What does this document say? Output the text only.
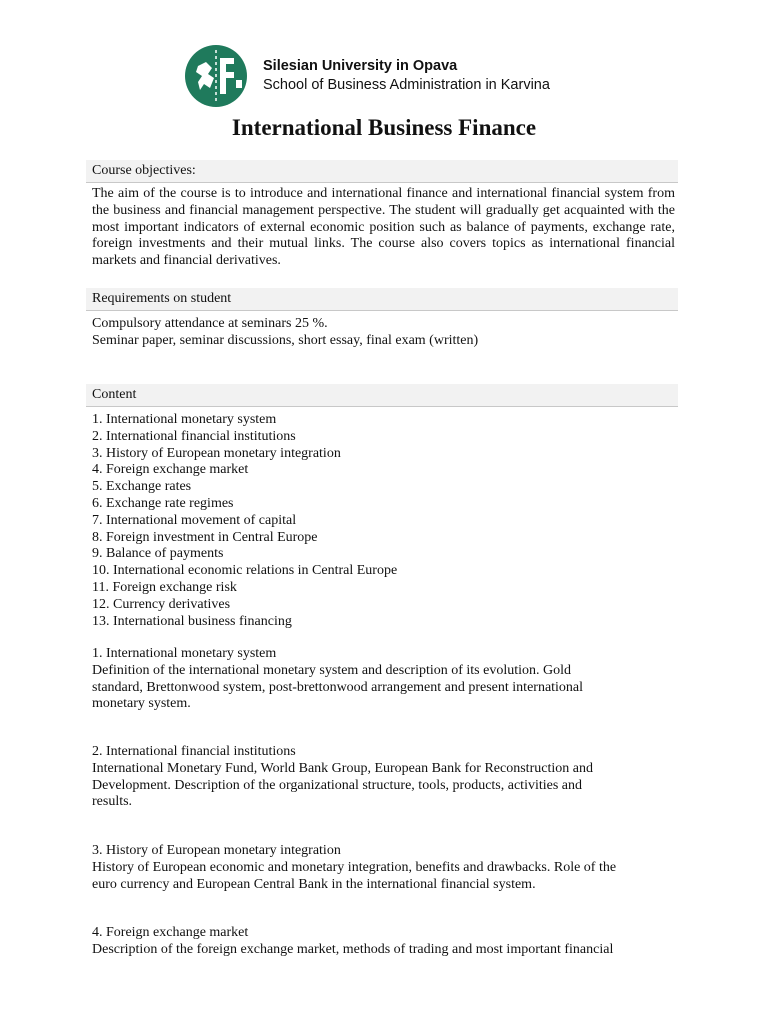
Silesian University in Opava
School of Business Administration in Karvina
International Business Finance
Course objectives:
The aim of the course is to introduce and international finance and international financial system from the business and financial management perspective. The student will gradually get acquainted with the most important indicators of external economic position such as balance of payments, exchange rate, foreign investments and their mutual links. The course also covers topics as international financial markets and financial derivatives.
Requirements on student
Compulsory attendance at seminars 25 %.
Seminar paper, seminar discussions, short essay, final exam (written)
Content
1. International monetary system
2. International financial institutions
3. History of European monetary integration
4. Foreign exchange market
5. Exchange rates
6. Exchange rate regimes
7. International movement of capital
8. Foreign investment in Central Europe
9. Balance of payments
10. International economic relations in Central Europe
11. Foreign exchange risk
12. Currency derivatives
13. International business financing
1. International monetary system
Definition of the international monetary system and description of its evolution. Gold
standard, Brettonwood system, post-brettonwood arrangement and present international
monetary system.
2. International financial institutions
International Monetary Fund, World Bank Group, European Bank for Reconstruction and
Development. Description of the organizational structure, tools, products, activities and
results.
3. History of European monetary integration
History of European economic and monetary integration, benefits and drawbacks. Role of the
euro currency and European Central Bank in the international financial system.
4. Foreign exchange market
Description of the foreign exchange market, methods of trading and most important financial
